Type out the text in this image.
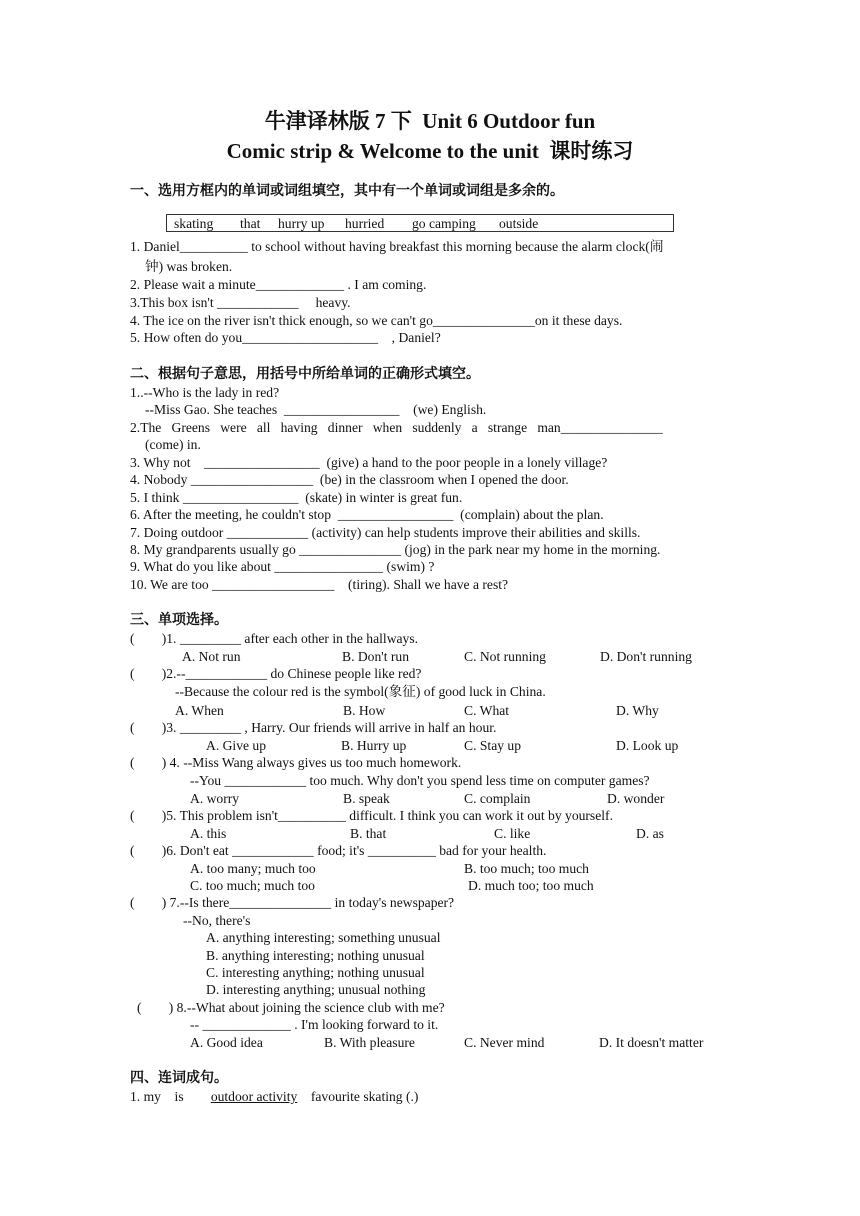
牛津译林版 7 下  Unit 6 Outdoor fun
Comic strip & Welcome to the unit  课时练习
一、选用方框内的单词或词组填空，其中有一个单词或词组是多余的。
skating that hurry up hurried go camping outside
1. Daniel__________ to school without having breakfast this morning because the alarm clock(闹
钟) was broken.
2. Please wait a minute_____________ . I am coming.
3.This box isn't ____________     heavy.
4. The ice on the river isn't thick enough, so we can't go_______________on it these days.
5. How often do you____________________    , Daniel?
二、根据句子意思，用括号中所给单词的正确形式填空。
1..--Who is the lady in red?
--Miss Gao. She teaches  _________________    (we) English.
2.The   Greens   were   all   having   dinner   when   suddenly   a   strange   man_______________
(come) in.
3. Why not    _________________  (give) a hand to the poor people in a lonely village?
4. Nobody __________________  (be) in the classroom when I opened the door.
5. I think _________________  (skate) in winter is great fun.
6. After the meeting, he couldn't stop  _________________  (complain) about the plan.
7. Doing outdoor ____________ (activity) can help students improve their abilities and skills.
8. My grandparents usually go _______________ (jog) in the park near my home in the morning.
9. What do you like about ________________ (swim) ?
10. We are too __________________    (tiring). Shall we have a rest?
三、单项选择。
(        )1. _________ after each other in the hallways.
A. Not run	B. Don't run	C. Not running	D. Don't running
(        )2.--____________ do Chinese people like red?
--Because the colour red is the symbol(象征) of good luck in China.
A. When	B. How	C. What	D. Why
(        )3. _________ , Harry. Our friends will arrive in half an hour.
A. Give up	B. Hurry up	C. Stay up	D. Look up
(        ) 4. --Miss Wang always gives us too much homework.
--You ____________ too much. Why don't you spend less time on computer games?
A. worry	B. speak	C. complain	D. wonder
(        )5. This problem isn't__________ difficult. I think you can work it out by yourself.
A. this	B. that	C. like	D. as
(        )6. Don't eat ____________ food; it's __________ bad for your health.
A. too many; much too	B. too much; too much
C. too much; much too	D. much too; too much
(        ) 7.--Is there_______________ in today's newspaper?
--No, there's
A. anything interesting; something unusual
B. anything interesting; nothing unusual
C. interesting anything; nothing unusual
D. interesting anything; unusual nothing
(        ) 8.--What about joining the science club with me?
-- _____________ . I'm looking forward to it.
A. Good idea	B. With pleasure	C. Never mind	D. It doesn't matter
四、连词成句。
1. my    is        outdoor activity    favourite skating (.)
